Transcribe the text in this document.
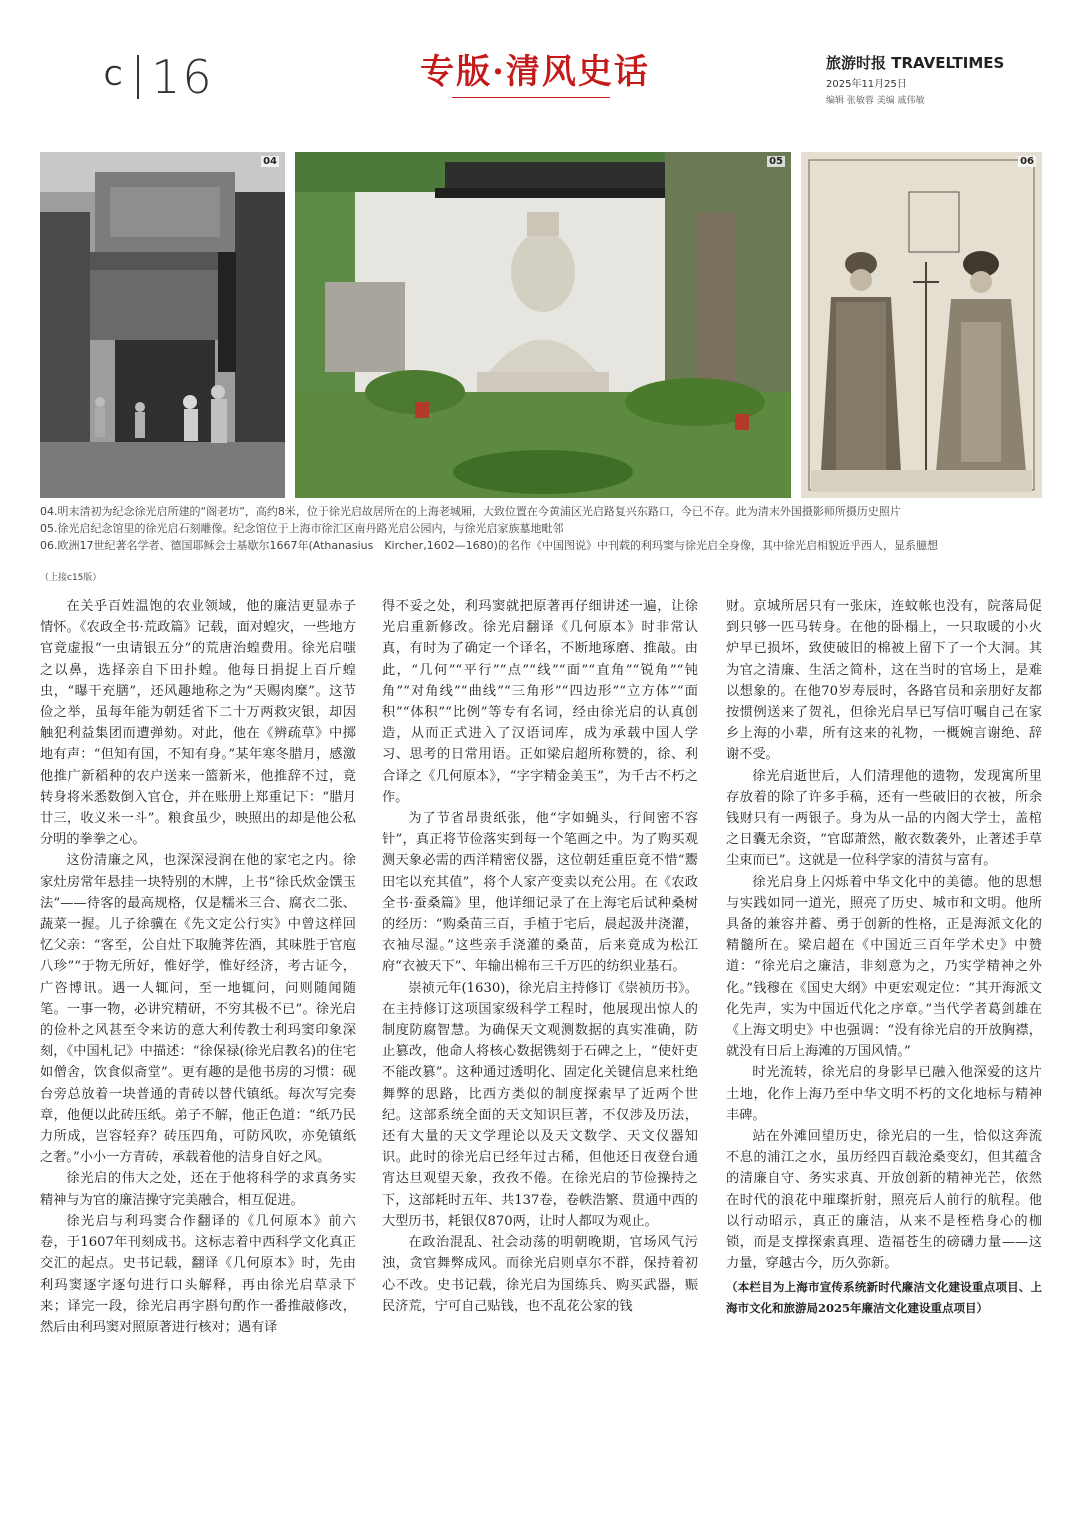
C 16	专版·清风史话	旅游时报 TRAVELTIMES
2025年11月25日
编辑 张敏蓉 美编 戚伟敏
04	05	06

04.明末清初为纪念徐光启所建的“阁老坊”，高约8米，位于徐光启故居所在的上海老城厢，大致位置在今黄浦区光启路复兴东路口，今已不存。此为清末外国摄影师所摄历史照片

05.徐光启纪念馆里的徐光启石刻雕像。纪念馆位于上海市徐汇区南丹路光启公园内，与徐光启家族墓地毗邻

06.欧洲17世纪著名学者、德国耶稣会士基歇尔1667年(Athanasius　Kircher,1602—1680)的名作《中国图说》中刊载的利玛窦与徐光启全身像，其中徐光启相貌近乎西人，显系臆想

（上接c15版）

在关乎百姓温饱的农业领域，他的廉洁更显赤子情怀。《农政全书·荒政篇》记载，面对蝗灾，一些地方官竟虚报“一虫请银五分”的荒唐治蝗费用。徐光启嗤之以鼻，选择亲自下田扑蝗。他每日捐捉上百斤蝗虫，“曝干充膳”，还风趣地称之为“天赐肉糜”。这节俭之举，虽每年能为朝廷省下二十万两救灾银，却因触犯利益集团而遭弹劾。对此，他在《辨疏草》中掷地有声：“但知有国，不知有身。”某年寒冬腊月，感激他推广新稻种的农户送来一篮新米，他推辞不过，竟转身将米悉数倒入官仓，并在账册上郑重记下：“腊月廿三，收义米一斗”。粮食虽少，映照出的却是他公私分明的拳拳之心。

这份清廉之风，也深深浸润在他的家宅之内。徐家灶房常年悬挂一块特别的木牌，上书“徐氏炊金馔玉法”——待客的最高规格，仅是糯米三合、腐衣二张、蔬菜一握。儿子徐骥在《先文定公行实》中曾这样回忆父亲：“客至，公自灶下取腌荠佐酒，其味胜于官庖八珍”“于物无所好，惟好学，惟好经济，考古证今，广咨博讯。遇一人辄问，至一地辄问，问则随闻随笔。一事一物，必讲究精研，不穷其极不已”。徐光启的俭朴之风甚至令来访的意大利传教士利玛窦印象深刻，《中国札记》中描述：“徐保禄(徐光启教名)的住宅如僧舍，饮食似斋堂”。更有趣的是他书房的习惯：砚台旁总放着一块普通的青砖以替代镇纸。每次写完奏章，他便以此砖压纸。弟子不解，他正色道：“纸乃民力所成，岂容轻弃？砖压四角，可防风吹，亦免镇纸之奢。”小小一方青砖，承载着他的洁身自好之风。

徐光启的伟大之处，还在于他将科学的求真务实精神与为官的廉洁操守完美融合，相互促进。

徐光启与利玛窦合作翻译的《几何原本》前六卷，于1607年刊刻成书。这标志着中西科学文化真正交汇的起点。史书记载，翻译《几何原本》时，先由利玛窦逐字逐句进行口头解释，再由徐光启草录下来；译完一段，徐光启再字斟句酌作一番推敲修改，然后由利玛窦对照原著进行核对；遇有译

得不妥之处，利玛窦就把原著再仔细讲述一遍，让徐光启重新修改。徐光启翻译《几何原本》时非常认真，有时为了确定一个译名，不断地琢磨、推敲。由此，“几何”“平行”“点”“线”“面”“直角”“锐角”“钝角”“对角线”“曲线”“三角形”“四边形”“立方体”“面积”“体积”“比例”等专有名词，经由徐光启的认真创造，从而正式进入了汉语词库，成为承载中国人学习、思考的日常用语。正如梁启超所称赞的，徐、利合译之《几何原本》，“字字精金美玉”，为千古不朽之作。

为了节省昂贵纸张，他“字如蝇头，行间密不容针”，真正将节俭落实到每一个笔画之中。为了购买观测天象必需的西洋精密仪器，这位朝廷重臣竟不惜“鬻田宅以充其值”，将个人家产变卖以充公用。在《农政全书·蚕桑篇》里，他详细记录了在上海宅后试种桑树的经历：“购桑苗三百，手植于宅后，晨起汲井浇灌，衣袖尽湿。”这些亲手浇灌的桑苗，后来竟成为松江府“衣被天下”、年输出棉布三千万匹的纺织业基石。

崇祯元年(1630)，徐光启主持修订《崇祯历书》。在主持修订这项国家级科学工程时，他展现出惊人的制度防腐智慧。为确保天文观测数据的真实准确，防止篡改，他命人将核心数据镌刻于石碑之上，“使奸吏不能改篡”。这种通过透明化、固定化关键信息来杜绝舞弊的思路，比西方类似的制度探索早了近两个世纪。这部系统全面的天文知识巨著，不仅涉及历法，还有大量的天文学理论以及天文数学、天文仪器知识。此时的徐光启已经年过古稀，但他还日夜登台通宵达旦观望天象，孜孜不倦。在徐光启的节俭操持之下，这部耗时五年、共137卷，卷帙浩繁、贯通中西的大型历书，耗银仅870两，让时人都叹为观止。

在政治混乱、社会动荡的明朝晚期，官场风气污浊，贪官舞弊成风。而徐光启则卓尔不群，保持着初心不改。史书记载，徐光启为国练兵、购买武器，赈民济荒，宁可自己贴钱，也不乱花公家的钱

财。京城所居只有一张床，连蚊帐也没有，院落局促到只够一匹马转身。在他的卧榻上，一只取暖的小火炉早已损坏，致使破旧的棉被上留下了一个大洞。其为官之清廉、生活之简朴，这在当时的官场上，是难以想象的。在他70岁寿辰时，各路官员和亲朋好友都按惯例送来了贺礼，但徐光启早已写信叮嘱自己在家乡上海的小辈，所有这来的礼物，一概婉言谢绝、辞谢不受。

徐光启逝世后，人们清理他的遗物，发现寓所里存放着的除了许多手稿，还有一些破旧的衣被，所余钱财只有一两银子。身为从一品的内阁大学士，盖棺之日囊无余资，“官邸萧然，敝衣数袭外，止著述手草尘束而已”。这就是一位科学家的清贫与富有。

徐光启身上闪烁着中华文化中的美德。他的思想与实践如同一道光，照亮了历史、城市和文明。他所具备的兼容并蓄、勇于创新的性格，正是海派文化的精髓所在。梁启超在《中国近三百年学术史》中赞道：“徐光启之廉洁，非刻意为之，乃实学精神之外化。”钱穆在《国史大纲》中更宏观定位：“其开海派文化先声，实为中国近代化之序章。”当代学者葛剑雄在《上海文明史》中也强调：“没有徐光启的开放胸襟，就没有日后上海滩的万国风情。”

时光流转，徐光启的身影早已融入他深爱的这片土地，化作上海乃至中华文明不朽的文化地标与精神丰碑。

站在外滩回望历史，徐光启的一生，恰似这奔流不息的浦江之水，虽历经四百载沧桑变幻，但其蕴含的清廉自守、务实求真、开放创新的精神光芒，依然在时代的浪花中璀璨折射，照亮后人前行的航程。他以行动昭示，真正的廉洁，从来不是桎梏身心的枷锁，而是支撑探索真理、造福苍生的磅礴力量——这力量，穿越古今，历久弥新。

（本栏目为上海市宣传系统新时代廉洁文化建设重点项目、上海市文化和旅游局2025年廉洁文化建设重点项目）
